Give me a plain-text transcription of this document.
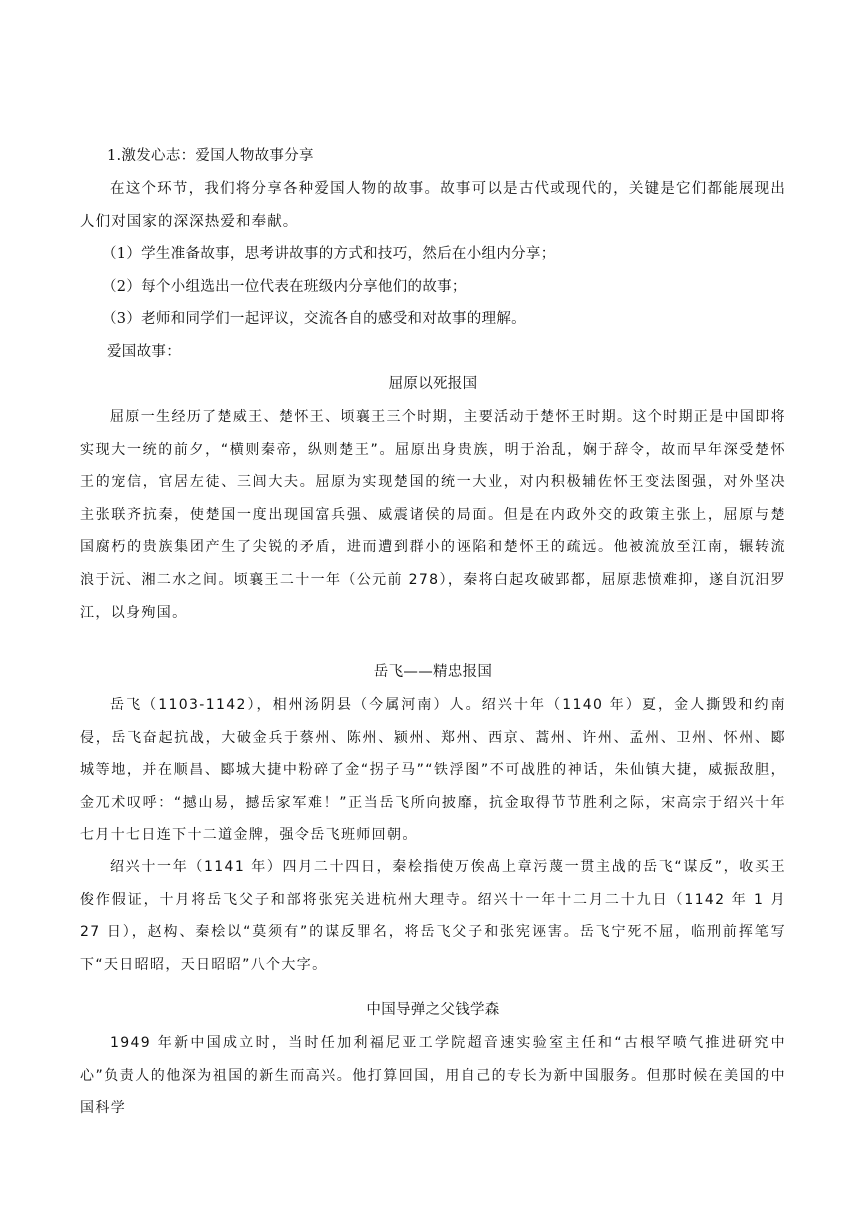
1.激发心志：爱国人物故事分享
在这个环节，我们将分享各种爱国人物的故事。故事可以是古代或现代的，关键是它们都能展现出人们对国家的深深热爱和奉献。
（1）学生准备故事，思考讲故事的方式和技巧，然后在小组内分享；
（2）每个小组选出一位代表在班级内分享他们的故事；
（3）老师和同学们一起评议，交流各自的感受和对故事的理解。
爱国故事：
屈原以死报国
屈原一生经历了楚威王、楚怀王、顷襄王三个时期，主要活动于楚怀王时期。这个时期正是中国即将实现大一统的前夕，“横则秦帝，纵则楚王”。屈原出身贵族，明于治乱，娴于辞令，故而早年深受楚怀王的宠信，官居左徒、三闾大夫。屈原为实现楚国的统一大业，对内积极辅佐怀王变法图强，对外坚决主张联齐抗秦，使楚国一度出现国富兵强、威震诸侯的局面。但是在内政外交的政策主张上，屈原与楚国腐朽的贵族集团产生了尖锐的矛盾，进而遭到群小的诬陷和楚怀王的疏远。他被流放至江南，辗转流浪于沅、湘二水之间。顷襄王二十一年（公元前 278），秦将白起攻破郢都，屈原悲愤难抑，遂自沉汨罗江，以身殉国。
岳飞——精忠报国
岳飞（1103-1142），相州汤阴县（今属河南）人。绍兴十年（1140 年）夏，金人撕毁和约南侵，岳飞奋起抗战，大破金兵于蔡州、陈州、颍州、郑州、西京、蒿州、许州、孟州、卫州、怀州、郾城等地，并在顺昌、郾城大捷中粉碎了金“拐子马”“铁浮图”不可战胜的神话，朱仙镇大捷，威振敌胆，金兀术叹呼：“撼山易，撼岳家军难！”正当岳飞所向披靡，抗金取得节节胜利之际，宋高宗于绍兴十年七月十七日连下十二道金牌，强令岳飞班师回朝。
绍兴十一年（1141 年）四月二十四日，秦桧指使万俟卨上章污蔑一贯主战的岳飞“谋反”，收买王俊作假证，十月将岳飞父子和部将张宪关进杭州大理寺。绍兴十一年十二月二十九日（1142 年 1 月 27 日），赵构、秦桧以“莫须有”的谋反罪名，将岳飞父子和张宪诬害。岳飞宁死不屈，临刑前挥笔写下“天日昭昭，天日昭昭”八个大字。
中国导弹之父钱学森
1949 年新中国成立时，当时任加利福尼亚工学院超音速实验室主任和“古根罕喷气推进研究中心”负责人的他深为祖国的新生而高兴。他打算回国，用自己的专长为新中国服务。但那时候在美国的中国科学
